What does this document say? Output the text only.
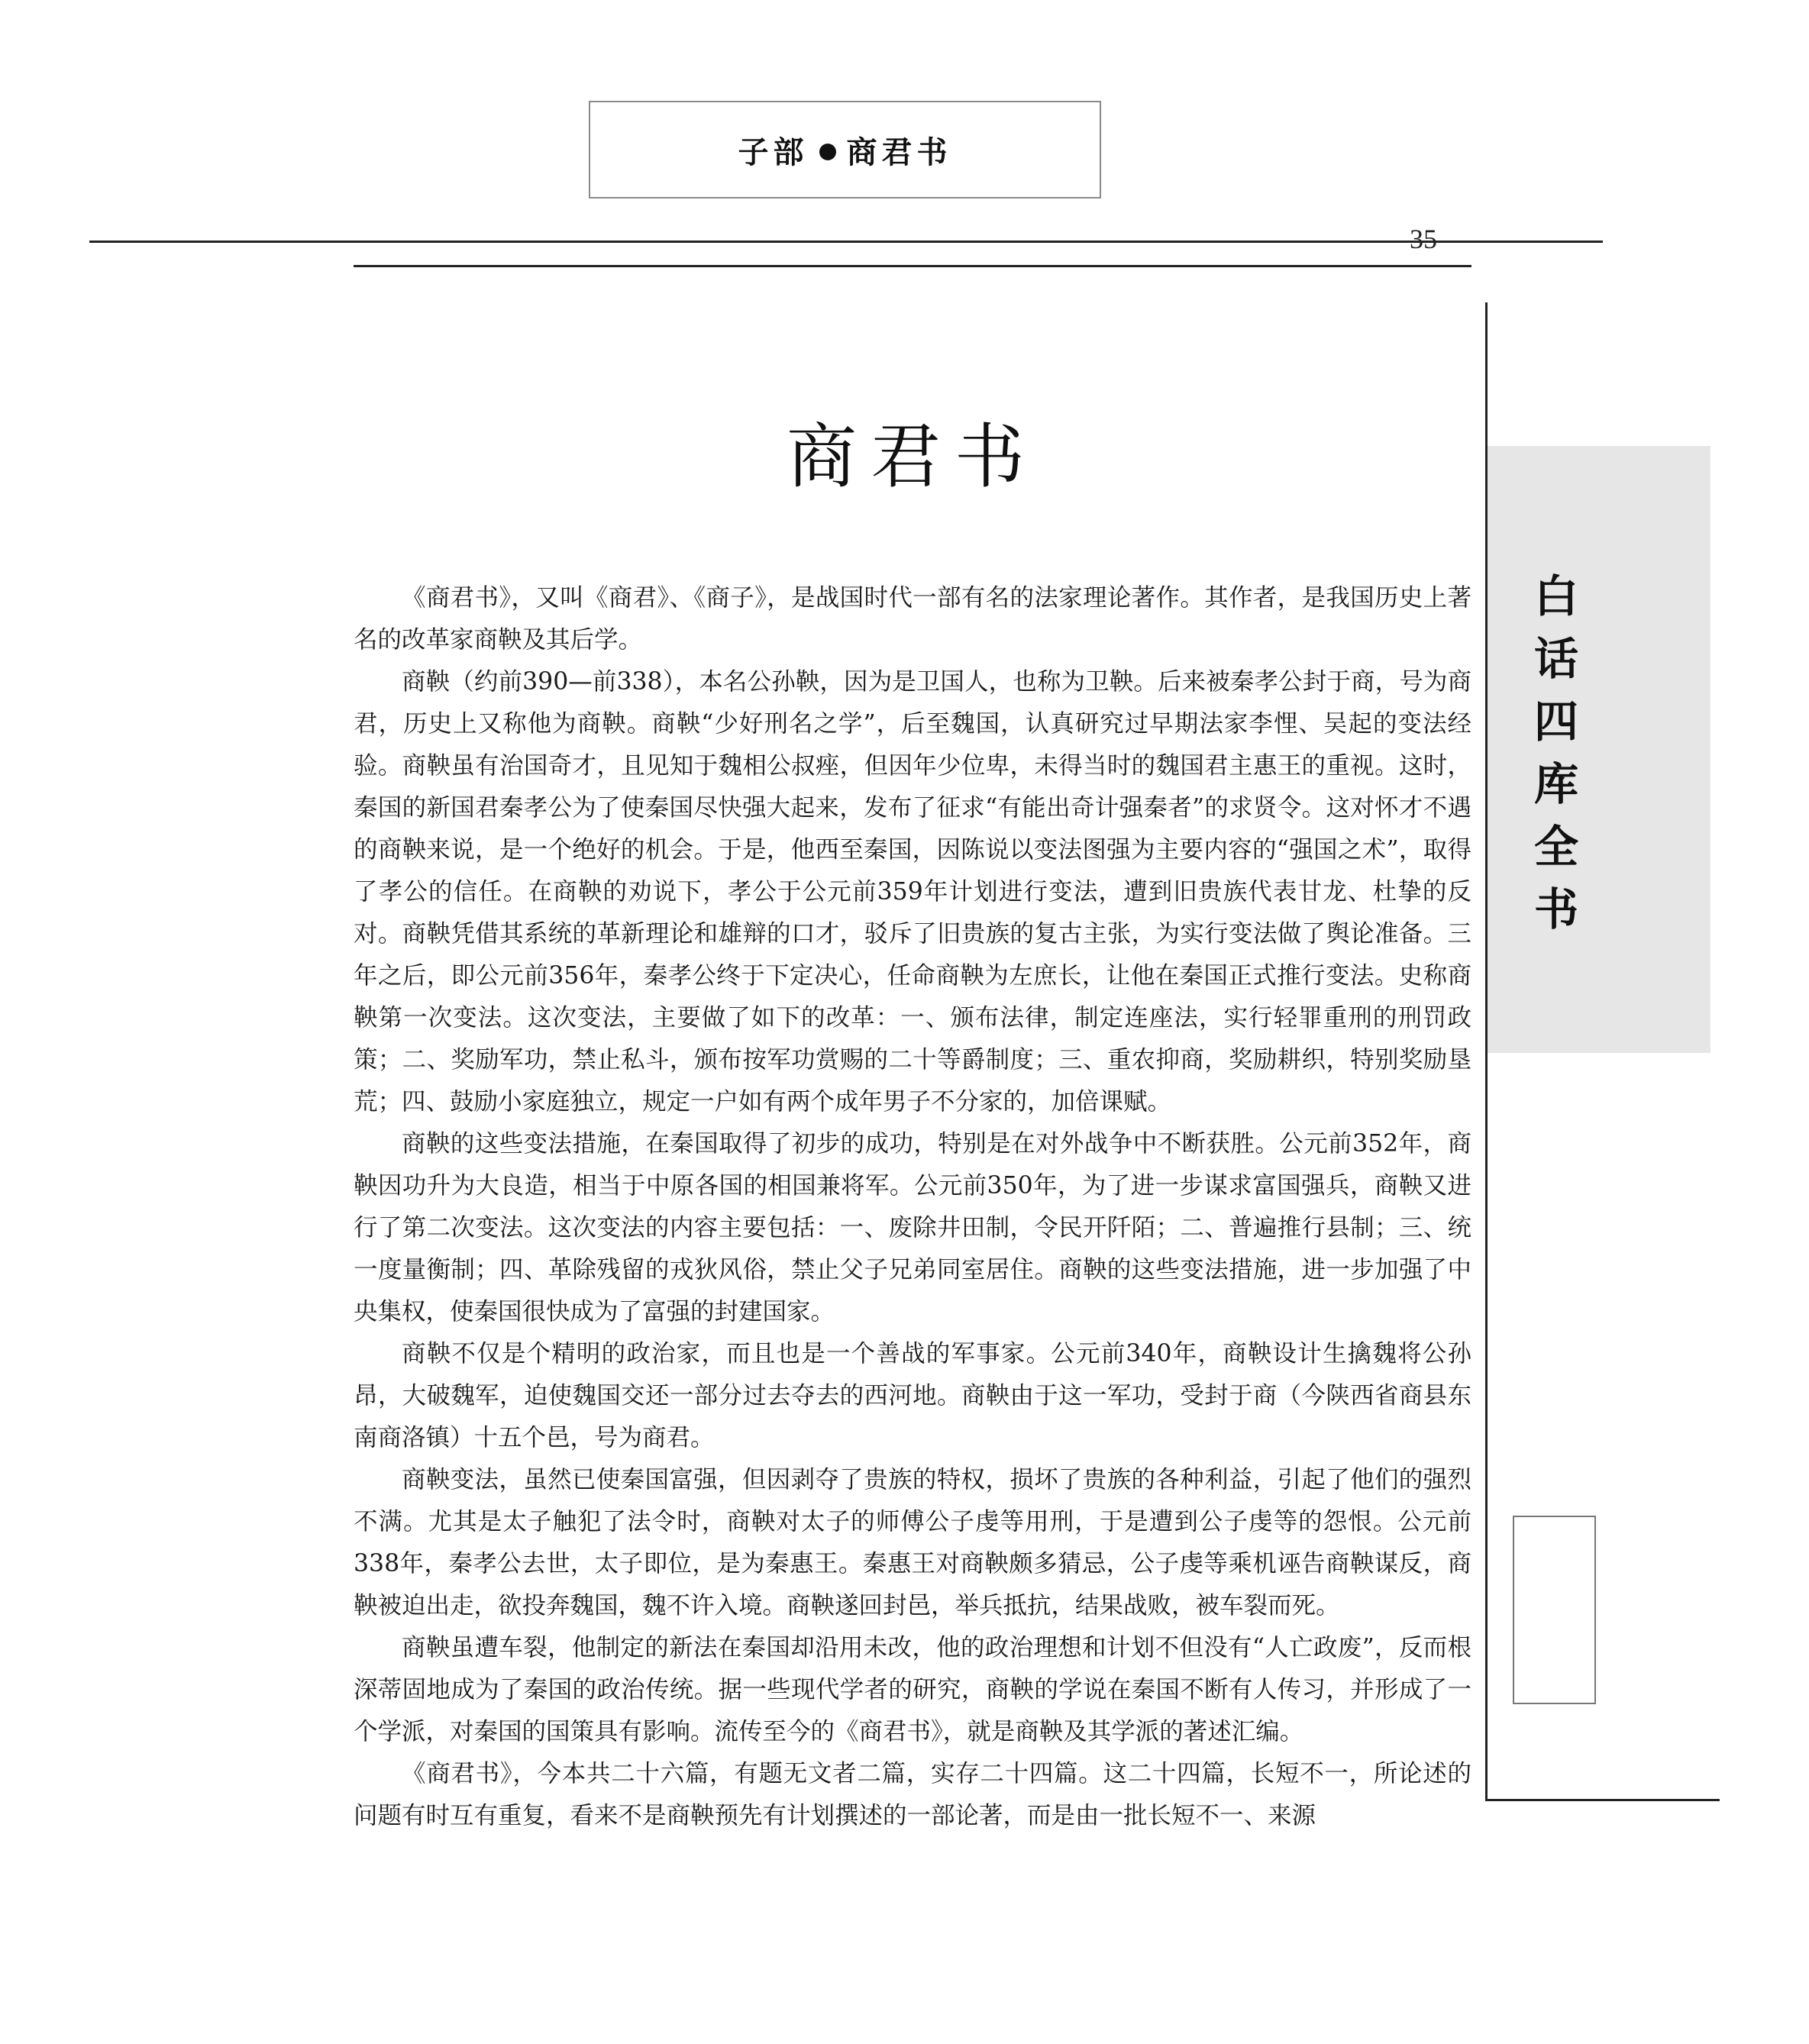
子部 商君书
35
白
话
四
库
全
书
商君书

《商君书》，又叫《商君》、《商子》，是战国时代一部有名的法家理论著作。其作者，是我国历史上著名的改革家商鞅及其后学。

商鞅（约前390—前338），本名公孙鞅，因为是卫国人，也称为卫鞅。后来被秦孝公封于商，号为商君，历史上又称他为商鞅。商鞅“少好刑名之学”，后至魏国，认真研究过早期法家李悝、吴起的变法经验。商鞅虽有治国奇才，且见知于魏相公叔痤，但因年少位卑，未得当时的魏国君主惠王的重视。这时，秦国的新国君秦孝公为了使秦国尽快强大起来，发布了征求“有能出奇计强秦者”的求贤令。这对怀才不遇的商鞅来说，是一个绝好的机会。于是，他西至秦国，因陈说以变法图强为主要内容的“强国之术”，取得了孝公的信任。在商鞅的劝说下，孝公于公元前359年计划进行变法，遭到旧贵族代表甘龙、杜挚的反对。商鞅凭借其系统的革新理论和雄辩的口才，驳斥了旧贵族的复古主张，为实行变法做了舆论准备。三年之后，即公元前356年，秦孝公终于下定决心，任命商鞅为左庶长，让他在秦国正式推行变法。史称商鞅第一次变法。这次变法，主要做了如下的改革：一、颁布法律，制定连座法，实行轻罪重刑的刑罚政策；二、奖励军功，禁止私斗，颁布按军功赏赐的二十等爵制度；三、重农抑商，奖励耕织，特别奖励垦荒；四、鼓励小家庭独立，规定一户如有两个成年男子不分家的，加倍课赋。

商鞅的这些变法措施，在秦国取得了初步的成功，特别是在对外战争中不断获胜。公元前352年，商鞅因功升为大良造，相当于中原各国的相国兼将军。公元前350年，为了进一步谋求富国强兵，商鞅又进行了第二次变法。这次变法的内容主要包括：一、废除井田制，令民开阡陌；二、普遍推行县制；三、统一度量衡制；四、革除残留的戎狄风俗，禁止父子兄弟同室居住。商鞅的这些变法措施，进一步加强了中央集权，使秦国很快成为了富强的封建国家。

商鞅不仅是个精明的政治家，而且也是一个善战的军事家。公元前340年，商鞅设计生擒魏将公孙昂，大破魏军，迫使魏国交还一部分过去夺去的西河地。商鞅由于这一军功，受封于商（今陕西省商县东南商洛镇）十五个邑，号为商君。

商鞅变法，虽然已使秦国富强，但因剥夺了贵族的特权，损坏了贵族的各种利益，引起了他们的强烈不满。尤其是太子触犯了法令时，商鞅对太子的师傅公子虔等用刑，于是遭到公子虔等的怨恨。公元前338年，秦孝公去世，太子即位，是为秦惠王。秦惠王对商鞅颇多猜忌，公子虔等乘机诬告商鞅谋反，商鞅被迫出走，欲投奔魏国，魏不许入境。商鞅遂回封邑，举兵抵抗，结果战败，被车裂而死。

商鞅虽遭车裂，他制定的新法在秦国却沿用未改，他的政治理想和计划不但没有“人亡政废”，反而根深蒂固地成为了秦国的政治传统。据一些现代学者的研究，商鞅的学说在秦国不断有人传习，并形成了一个学派，对秦国的国策具有影响。流传至今的《商君书》，就是商鞅及其学派的著述汇编。

《商君书》，今本共二十六篇，有题无文者二篇，实存二十四篇。这二十四篇，长短不一，所论述的问题有时互有重复，看来不是商鞅预先有计划撰述的一部论著，而是由一批长短不一、来源
